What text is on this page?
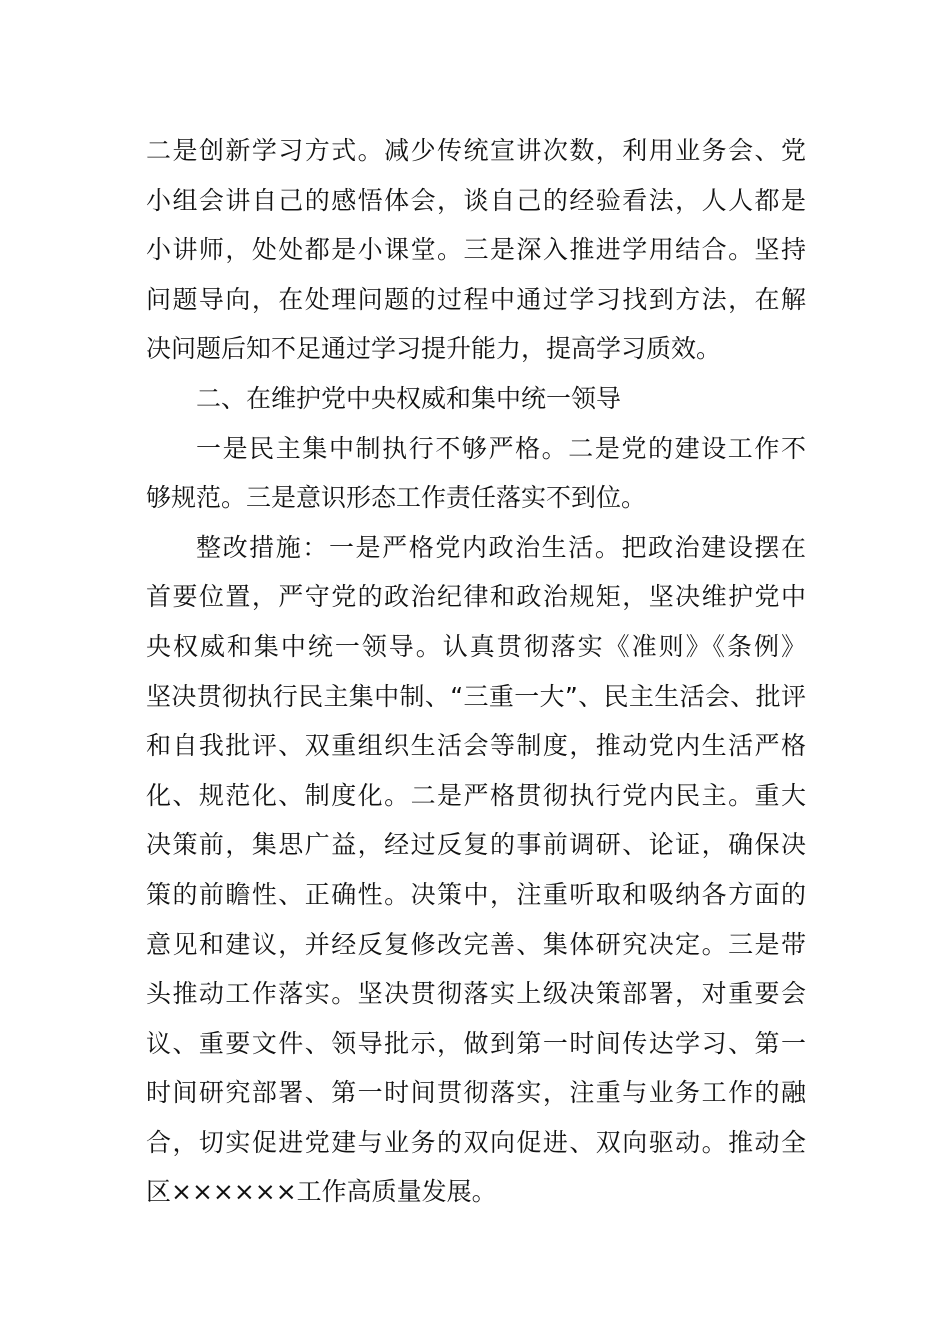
二是创新学习方式。减少传统宣讲次数，利用业务会、党
小组会讲自己的感悟体会，谈自己的经验看法，人人都是
小讲师，处处都是小课堂。三是深入推进学用结合。坚持
问题导向，在处理问题的过程中通过学习找到方法，在解
决问题后知不足通过学习提升能力，提高学习质效。
二、在维护党中央权威和集中统一领导
一是民主集中制执行不够严格。二是党的建设工作不
够规范。三是意识形态工作责任落实不到位。
整改措施：一是严格党内政治生活。把政治建设摆在
首要位置，严守党的政治纪律和政治规矩，坚决维护党中
央权威和集中统一领导。认真贯彻落实《准则》《条例》
坚决贯彻执行民主集中制、“三重一大”、民主生活会、批评
和自我批评、双重组织生活会等制度，推动党内生活严格
化、规范化、制度化。二是严格贯彻执行党内民主。重大
决策前，集思广益，经过反复的事前调研、论证，确保决
策的前瞻性、正确性。决策中，注重听取和吸纳各方面的
意见和建议，并经反复修改完善、集体研究决定。三是带
头推动工作落实。坚决贯彻落实上级决策部署，对重要会
议、重要文件、领导批示，做到第一时间传达学习、第一
时间研究部署、第一时间贯彻落实，注重与业务工作的融
合，切实促进党建与业务的双向促进、双向驱动。推动全
区××××××工作高质量发展。
